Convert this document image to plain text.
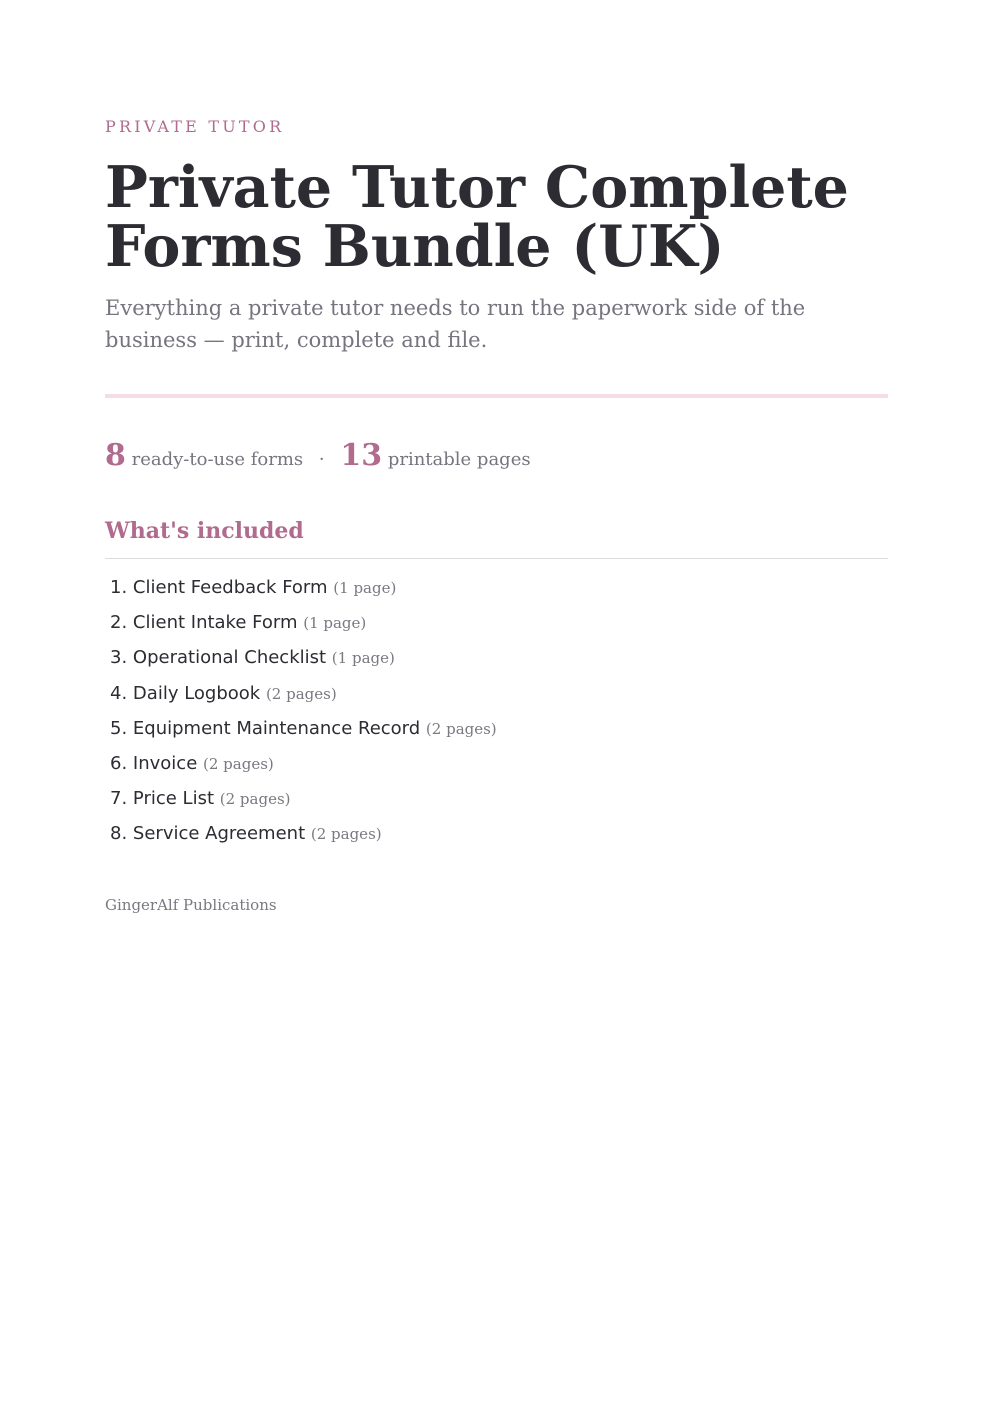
PRIVATE TUTOR
Private Tutor Complete Forms Bundle (UK)

Everything a private tutor needs to run the paperwork side of the business — print, complete and file.

8 ready-to-use forms · 13 printable pages
What's included
1. Client Feedback Form (1 page)
2. Client Intake Form (1 page)
3. Operational Checklist (1 page)
4. Daily Logbook (2 pages)
5. Equipment Maintenance Record (2 pages)
6. Invoice (2 pages)
7. Price List (2 pages)
8. Service Agreement (2 pages)
GingerAlf Publications
